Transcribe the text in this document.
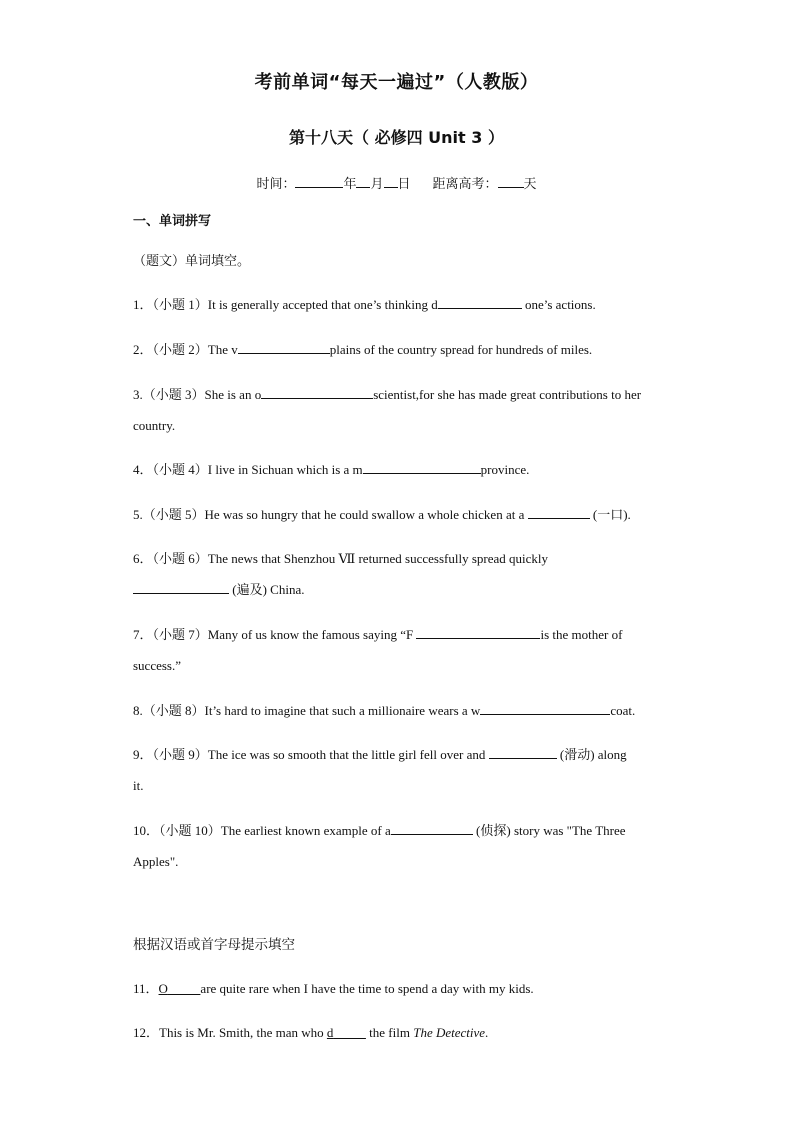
考前单词“每天一遍过”（人教版）
第十八天（ 必修四 Unit 3 ）
时间：	年 月 日 距离高考： 天
一、单词拼写
（题文）单词填空。
1．（小题 1）It is generally accepted that one’s thinking d	one’s actions.
2．（小题 2）The v	plains of the country spread for hundreds of miles.
3.（小题 3）She is an o	scientist,for she has made great contributions to her
country.
4．（小题 4）I live in Sichuan which is a m	province.
5.（小题 5）He was so hungry that he could swallow a whole chicken at a	(一口).
6．（小题 6）The news that Shenzhou Ⅶ returned successfully spread quickly
(遍及) China.
7．（小题 7）Many of us know the famous saying “F	is the mother of
success.”
8.（小题 8）It’s hard to imagine that such a millionaire wears a w	coat.
9．（小题 9）The ice was so smooth that the little girl fell over and	(滑动) along
it.
10．（小题 10）The earliest known example of a	(侦探) story was "The Three
Apples".
根据汉语或首字母提示填空
11．O	are quite rare when I have the time to spend a day with my kids.
12．This is Mr. Smith, the man who d	the film The Detective.
